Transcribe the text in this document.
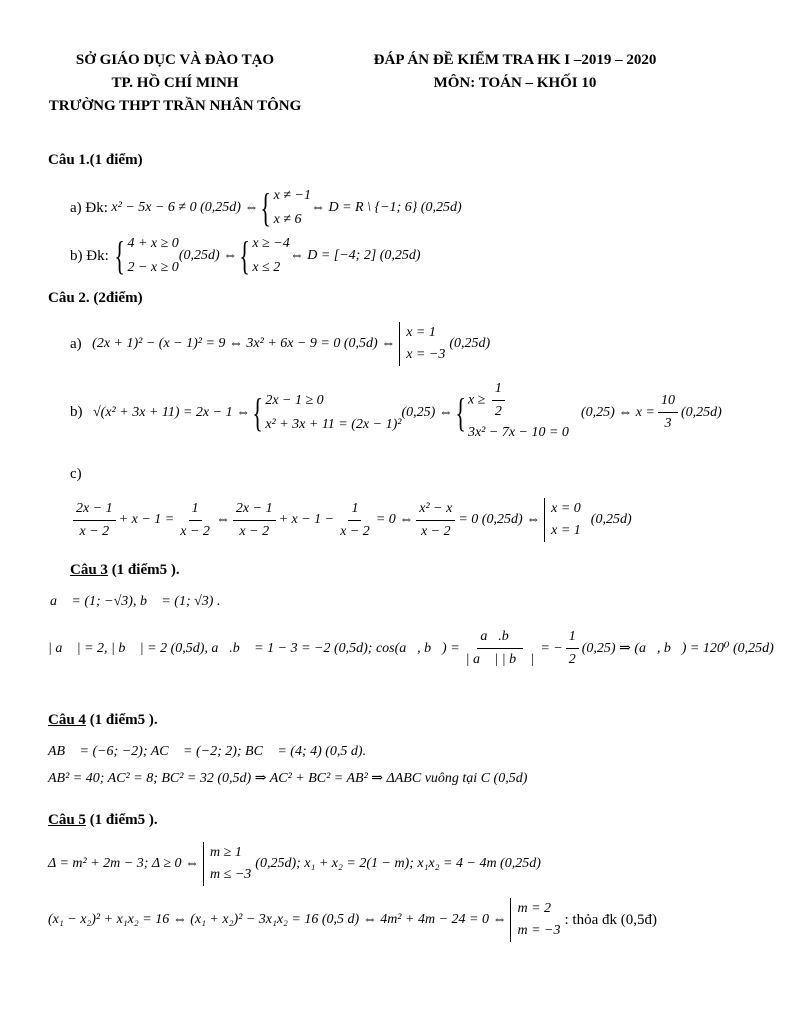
SỞ GIÁO DỤC VÀ ĐÀO TẠO
TP. HỒ CHÍ MINH
TRƯỜNG THPT TRẦN NHÂN TÔNG
ĐÁP ÁN ĐỀ KIỂM TRA HK I –2019 – 2020
MÔN: TOÁN – KHỐI 10
Câu 1.(1 điểm)
a) Đk:
x² − 5x − 6 ≠ 0 (0,25d) ⇔ { x ≠ −1
x ≠ 6
⇔ D = R \ {−1; 6} (0,25d)
b) Đk:
{ 4 + x ≥ 0
2 − x ≥ 0
(0,25d) ⇔ { x ≥ −4
x ≤ 2
⇔ D = [−4; 2] (0,25d)
Câu 2. (2điểm)
a)
(2x + 1)² − (x − 1)² = 9 ⇔ 3x² + 6x − 9 = 0 (0,5d) ⇔
x = 1
x = −3
(0,25d)
b)
√(x² + 3x + 11) = 2x − 1 ⇔ { 2x − 1 ≥ 0
x² + 3x + 11 = (2x − 1)²
(0,25) ⇔ { $x \ge \frac{1}{2}$
3x² − 7x − 10 = 0
(0,25) ⇔ $x = \frac{10}{3} (0,25d)$
c)
$\frac{2x - 1}{x - 2} + x - 1 = \frac{1}{x - 2}$ ⇔ $\frac{2x - 1}{x - 2} + x - 1 - \frac{1}{x - 2} = 0$ ⇔ $\frac{\text{x² − x}}{x - 2} = 0$ (0,25d) ⇔
x = 0
x = 1
(0,25d)
Câu 3 (1 điểm5 ).
a⃗ = (1; −√3), b⃗ = (1; √3) .
| a⃗ | = 2, | b⃗ | = 2 (0,5d), a⃗.b⃗ = 1 − 3 = −2 (0,5d); cos(a⃗, b⃗) = $\frac{a⃗.b⃗}{| a⃗ | | b⃗ |}$ = − $\frac{1}{2} (0,25)$ ⇒ (a⃗, b⃗) = 120⁰ (0,25d)
Câu 4 (1 điểm5 ).
AB⃗ = (−6; −2); AC⃗ = (−2; 2); BC⃗ = (4; 4) (0,5 d).
AB² = 40; AC² = 8; BC² = 32 (0,5d) ⇒ AC² + BC² = AB² ⇒ ΔABC vuông tại C (0,5d)
Câu 5 (1 điểm5 ).
Δ = m² + 2m − 3; Δ ≥ 0 ⇔
m ≥ 1
m ≤ −3
(0,25d); x₁ + x₂ = 2(1 − m); x₁x₂ = 4 − 4m (0,25d)
(x₁ − x₂)² + x₁x₂ = 16 ⇔ (x₁ + x₂)² − 3x₁x₂ = 16 (0,5 d) ⇔ 4m² + 4m − 24 = 0 ⇔
m = 2
m = −3
: thỏa đk (0,5đ)
